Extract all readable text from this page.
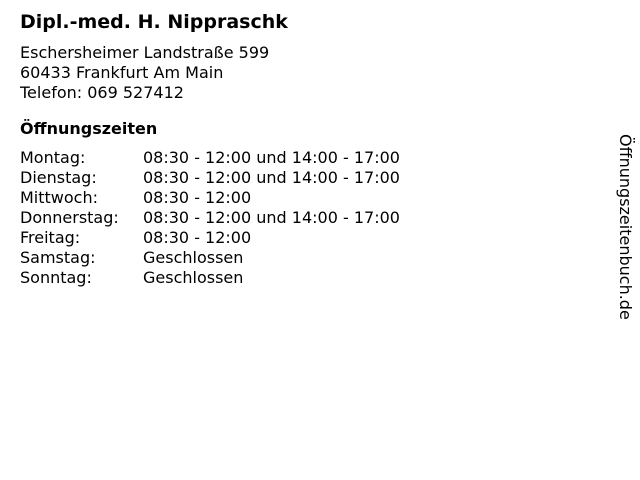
Dipl.-med. H. Nippraschk
Eschersheimer Landstraße 599
60433 Frankfurt Am Main
Telefon: 069 527412
Öffnungszeiten
Montag:	08:30 - 12:00 und 14:00 - 17:00
Dienstag:	08:30 - 12:00 und 14:00 - 17:00
Mittwoch:	08:30 - 12:00
Donnerstag:	08:30 - 12:00 und 14:00 - 17:00
Freitag:	08:30 - 12:00
Samstag:	Geschlossen
Sonntag:	Geschlossen	Öffnungszeitenbuch.de
